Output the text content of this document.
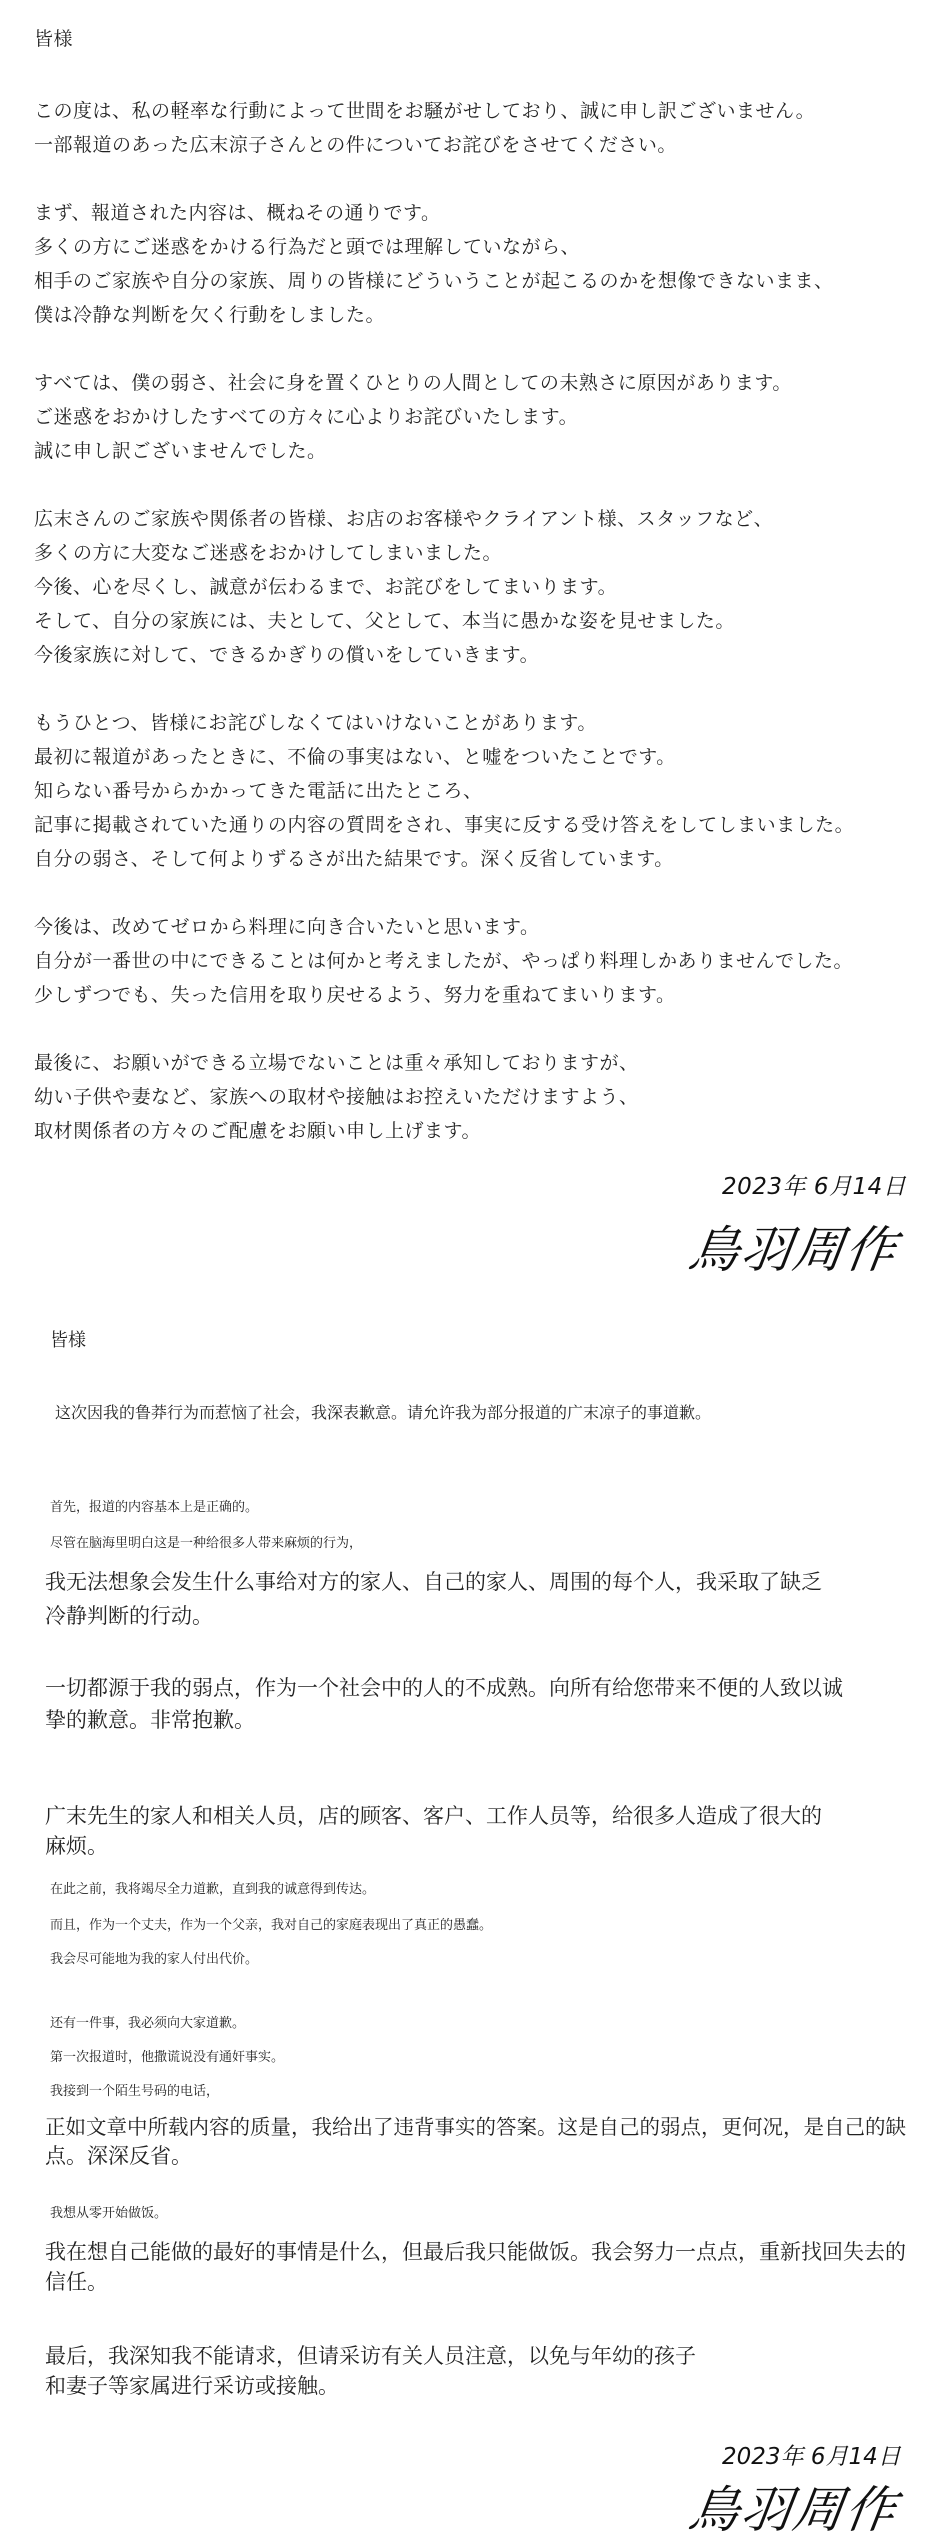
皆様
この度は、私の軽率な行動によって世間をお騒がせしており、誠に申し訳ございません。
一部報道のあった広末涼子さんとの件についてお詫びをさせてください。
まず、報道された内容は、概ねその通りです。
多くの方にご迷惑をかける行為だと頭では理解していながら、
相手のご家族や自分の家族、周りの皆様にどういうことが起こるのかを想像できないまま、
僕は冷静な判断を欠く行動をしました。
すべては、僕の弱さ、社会に身を置くひとりの人間としての未熟さに原因があります。
ご迷惑をおかけしたすべての方々に心よりお詫びいたします。
誠に申し訳ございませんでした。
広末さんのご家族や関係者の皆様、お店のお客様やクライアント様、スタッフなど、
多くの方に大変なご迷惑をおかけしてしまいました。
今後、心を尽くし、誠意が伝わるまで、お詫びをしてまいります。
そして、自分の家族には、夫として、父として、本当に愚かな姿を見せました。
今後家族に対して、できるかぎりの償いをしていきます。
もうひとつ、皆様にお詫びしなくてはいけないことがあります。
最初に報道があったときに、不倫の事実はない、と嘘をついたことです。
知らない番号からかかってきた電話に出たところ、
記事に掲載されていた通りの内容の質問をされ、事実に反する受け答えをしてしまいました。
自分の弱さ、そして何よりずるさが出た結果です。深く反省しています。
今後は、改めてゼロから料理に向き合いたいと思います。
自分が一番世の中にできることは何かと考えましたが、やっぱり料理しかありませんでした。
少しずつでも、失った信用を取り戻せるよう、努力を重ねてまいります。
最後に、お願いができる立場でないことは重々承知しておりますが、
幼い子供や妻など、家族への取材や接触はお控えいただけますよう、
取材関係者の方々のご配慮をお願い申し上げます。
2023年 6月14日
鳥羽周作
皆様
这次因我的鲁莽行为而惹恼了社会，我深表歉意。请允许我为部分报道的广末凉子的事道歉。
首先，报道的内容基本上是正确的。
尽管在脑海里明白这是一种给很多人带来麻烦的行为，
我无法想象会发生什么事给对方的家人、自己的家人、周围的每个人，我采取了缺乏
冷静判断的行动。
一切都源于我的弱点，作为一个社会中的人的不成熟。向所有给您带来不便的人致以诚
挚的歉意。非常抱歉。
广末先生的家人和相关人员，店的顾客、客户、工作人员等，给很多人造成了很大的
麻烦。
在此之前，我将竭尽全力道歉，直到我的诚意得到传达。
而且，作为一个丈夫，作为一个父亲，我对自己的家庭表现出了真正的愚蠢。
我会尽可能地为我的家人付出代价。
还有一件事，我必须向大家道歉。
第一次报道时，他撒谎说没有通奸事实。
我接到一个陌生号码的电话，
正如文章中所载内容的质量，我给出了违背事实的答案。这是自己的弱点，更何况，是自己的缺
点。深深反省。
我想从零开始做饭。
我在想自己能做的最好的事情是什么，但最后我只能做饭。我会努力一点点，重新找回失去的
信任。
最后，我深知我不能请求，但请采访有关人员注意，以免与年幼的孩子
和妻子等家属进行采访或接触。
2023年 6月14日
鳥羽周作
